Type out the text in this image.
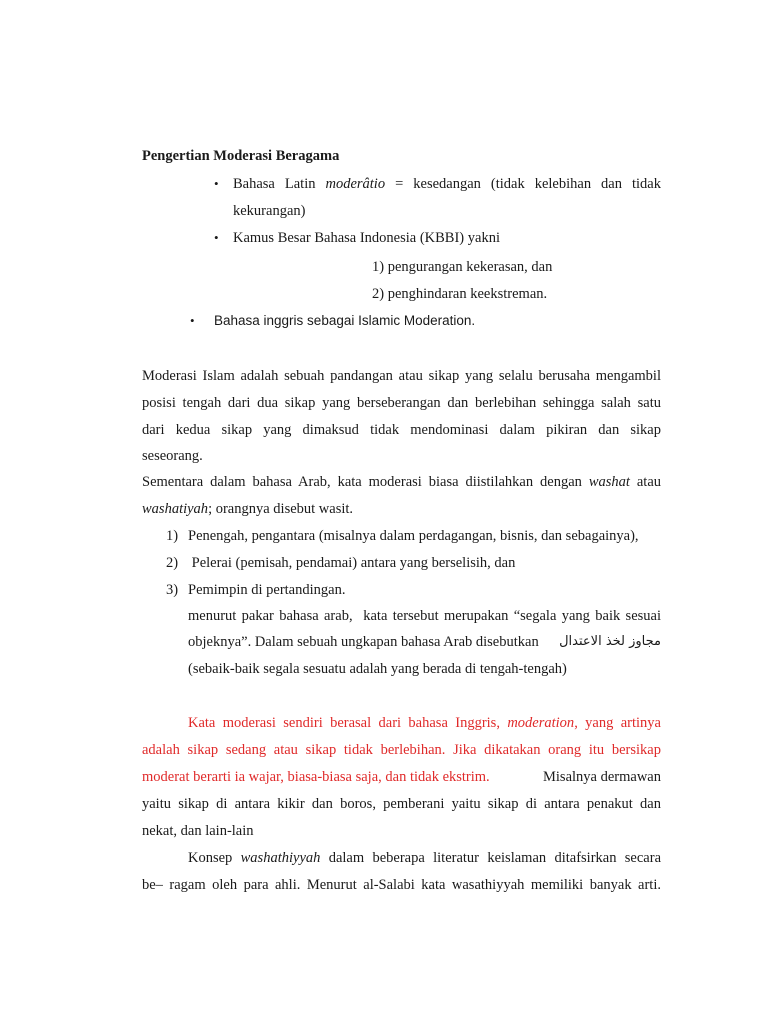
Pengertian Moderasi Beragama
• Bahasa Latin moderâtio = kesedangan (tidak kelebihan dan tidak
kekurangan)
• Kamus Besar Bahasa Indonesia (KBBI) yakni
1) pengurangan kekerasan, dan
2) penghindaran keekstreman.
• Bahasa inggris sebagai Islamic Moderation.
Moderasi Islam adalah sebuah pandangan atau sikap yang selalu berusaha mengambil
posisi tengah dari dua sikap yang berseberangan dan berlebihan sehingga salah satu
dari kedua sikap yang dimaksud tidak mendominasi dalam pikiran dan sikap
seseorang.
Sementara dalam bahasa Arab, kata moderasi biasa diistilahkan dengan washat atau
washatiyah; orangnya disebut wasit.
1) Penengah, pengantara (misalnya dalam perdagangan, bisnis, dan sebagainya),
2) Pelerai (pemisah, pendamai) antara yang berselisih, dan
3) Pemimpin di pertandingan.
menurut pakar bahasa arab,  kata tersebut merupakan “segala yang baik sesuai
objeknya”. Dalam sebuah ungkapan bahasa Arab disebutkan مجاوز لخذ الاعتدال
(sebaik-baik segala sesuatu adalah yang berada di tengah-tengah)
Kata moderasi sendiri berasal dari bahasa Inggris, moderation, yang artinya
adalah sikap sedang atau sikap tidak berlebihan. Jika dikatakan orang itu bersikap
moderat berarti ia wajar, biasa-biasa saja, dan tidak ekstrim.	Misalnya dermawan
yaitu sikap di antara kikir dan boros, pemberani yaitu sikap di antara penakut dan
nekat, dan lain-lain
Konsep washathiyyah dalam beberapa literatur keislaman ditafsirkan secara
be– ragam oleh para ahli. Menurut al-Salabi kata wasathiyyah memiliki banyak arti.
